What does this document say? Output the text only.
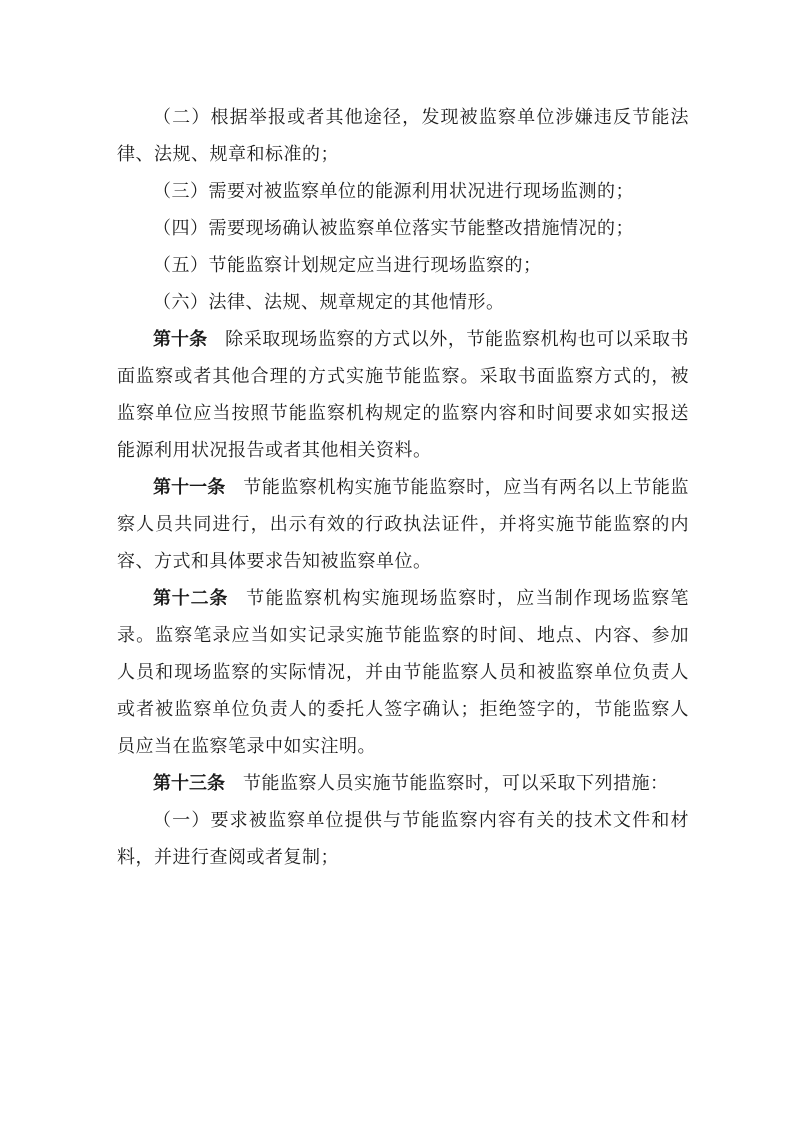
（二）根据举报或者其他途径，发现被监察单位涉嫌违反节能法律、法规、规章和标准的；

（三）需要对被监察单位的能源利用状况进行现场监测的；

（四）需要现场确认被监察单位落实节能整改措施情况的；

（五）节能监察计划规定应当进行现场监察的；

（六）法律、法规、规章规定的其他情形。

第十条 除采取现场监察的方式以外，节能监察机构也可以采取书面监察或者其他合理的方式实施节能监察。采取书面监察方式的，被监察单位应当按照节能监察机构规定的监察内容和时间要求如实报送能源利用状况报告或者其他相关资料。

第十一条 节能监察机构实施节能监察时，应当有两名以上节能监察人员共同进行，出示有效的行政执法证件，并将实施节能监察的内容、方式和具体要求告知被监察单位。

第十二条 节能监察机构实施现场监察时，应当制作现场监察笔录。监察笔录应当如实记录实施节能监察的时间、地点、内容、参加人员和现场监察的实际情况，并由节能监察人员和被监察单位负责人或者被监察单位负责人的委托人签字确认；拒绝签字的，节能监察人员应当在监察笔录中如实注明。

第十三条 节能监察人员实施节能监察时，可以采取下列措施：

（一）要求被监察单位提供与节能监察内容有关的技术文件和材料，并进行查阅或者复制；
